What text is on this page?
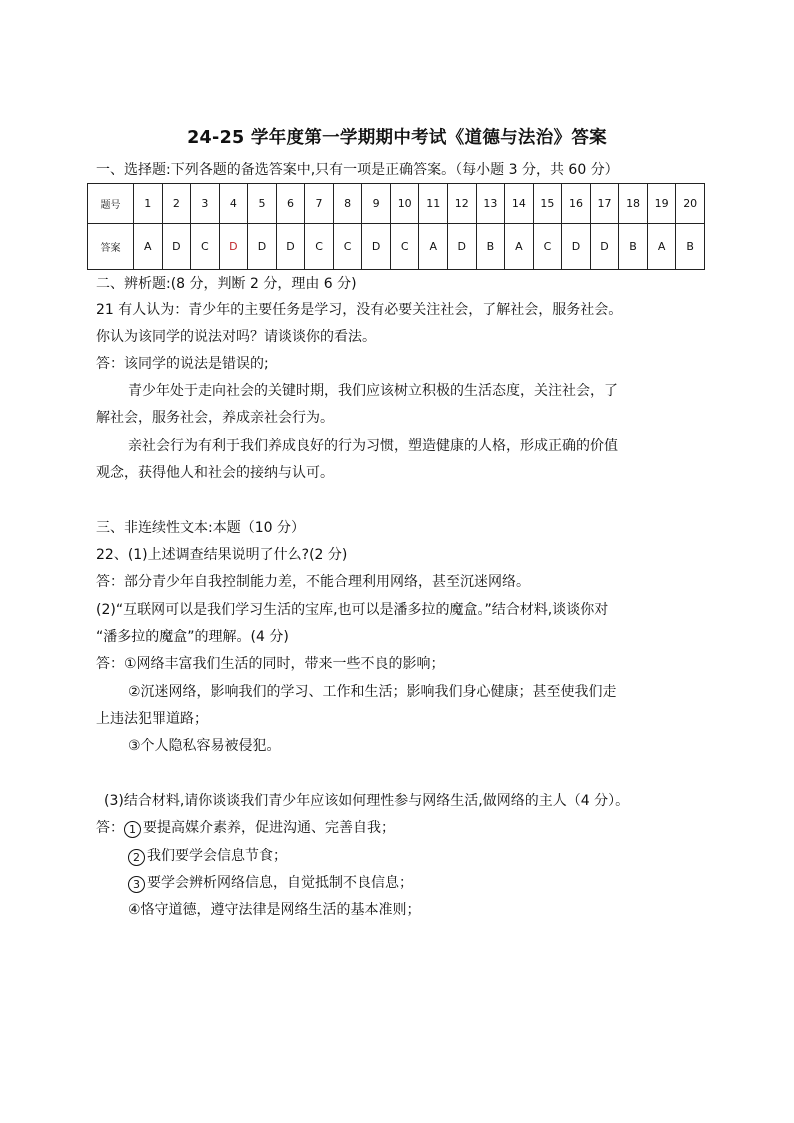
24-25 学年度第一学期期中考试《道德与法治》答案
一、选择题:下列各题的备选答案中,只有一项是正确答案。（每小题 3 分，共 60 分）
题号	1	2	3	4	5	6	7	8	9	10	11	12	13	14	15	16	17	18	19	20
答案	A	D	C	D	D	D	C	C	D	C	A	D	B	A	C	D	D	B	A	B
二、辨析题:(8 分，判断 2 分，理由 6 分)
21 有人认为：青少年的主要任务是学习，没有必要关注社会，了解社会，服务社会。
你认为该同学的说法对吗？请谈谈你的看法。
答：该同学的说法是错误的;
青少年处于走向社会的关键时期，我们应该树立积极的生活态度，关注社会，了
解社会，服务社会，养成亲社会行为。
亲社会行为有利于我们养成良好的行为习惯，塑造健康的人格，形成正确的价值
观念，获得他人和社会的接纳与认可。
三、非连续性文本:本题（10 分）
22、(1)上述调查结果说明了什么?(2 分)
答：部分青少年自我控制能力差，不能合理利用网络，甚至沉迷网络。
(2)“互联网可以是我们学习生活的宝库,也可以是潘多拉的魔盒。”结合材料,谈谈你对
“潘多拉的魔盒”的理解。(4 分)
答：①网络丰富我们生活的同时，带来一些不良的影响；
②沉迷网络，影响我们的学习、工作和生活；影响我们身心健康；甚至使我们走
上违法犯罪道路；
③个人隐私容易被侵犯。
(3)结合材料,请你谈谈我们青少年应该如何理性参与网络生活,做网络的主人（4 分）。
答： 1 要提高媒介素养，促进沟通、完善自我；
2 我们要学会信息节食；
3 要学会辨析网络信息，自觉抵制不良信息；
④恪守道德，遵守法律是网络生活的基本准则；
